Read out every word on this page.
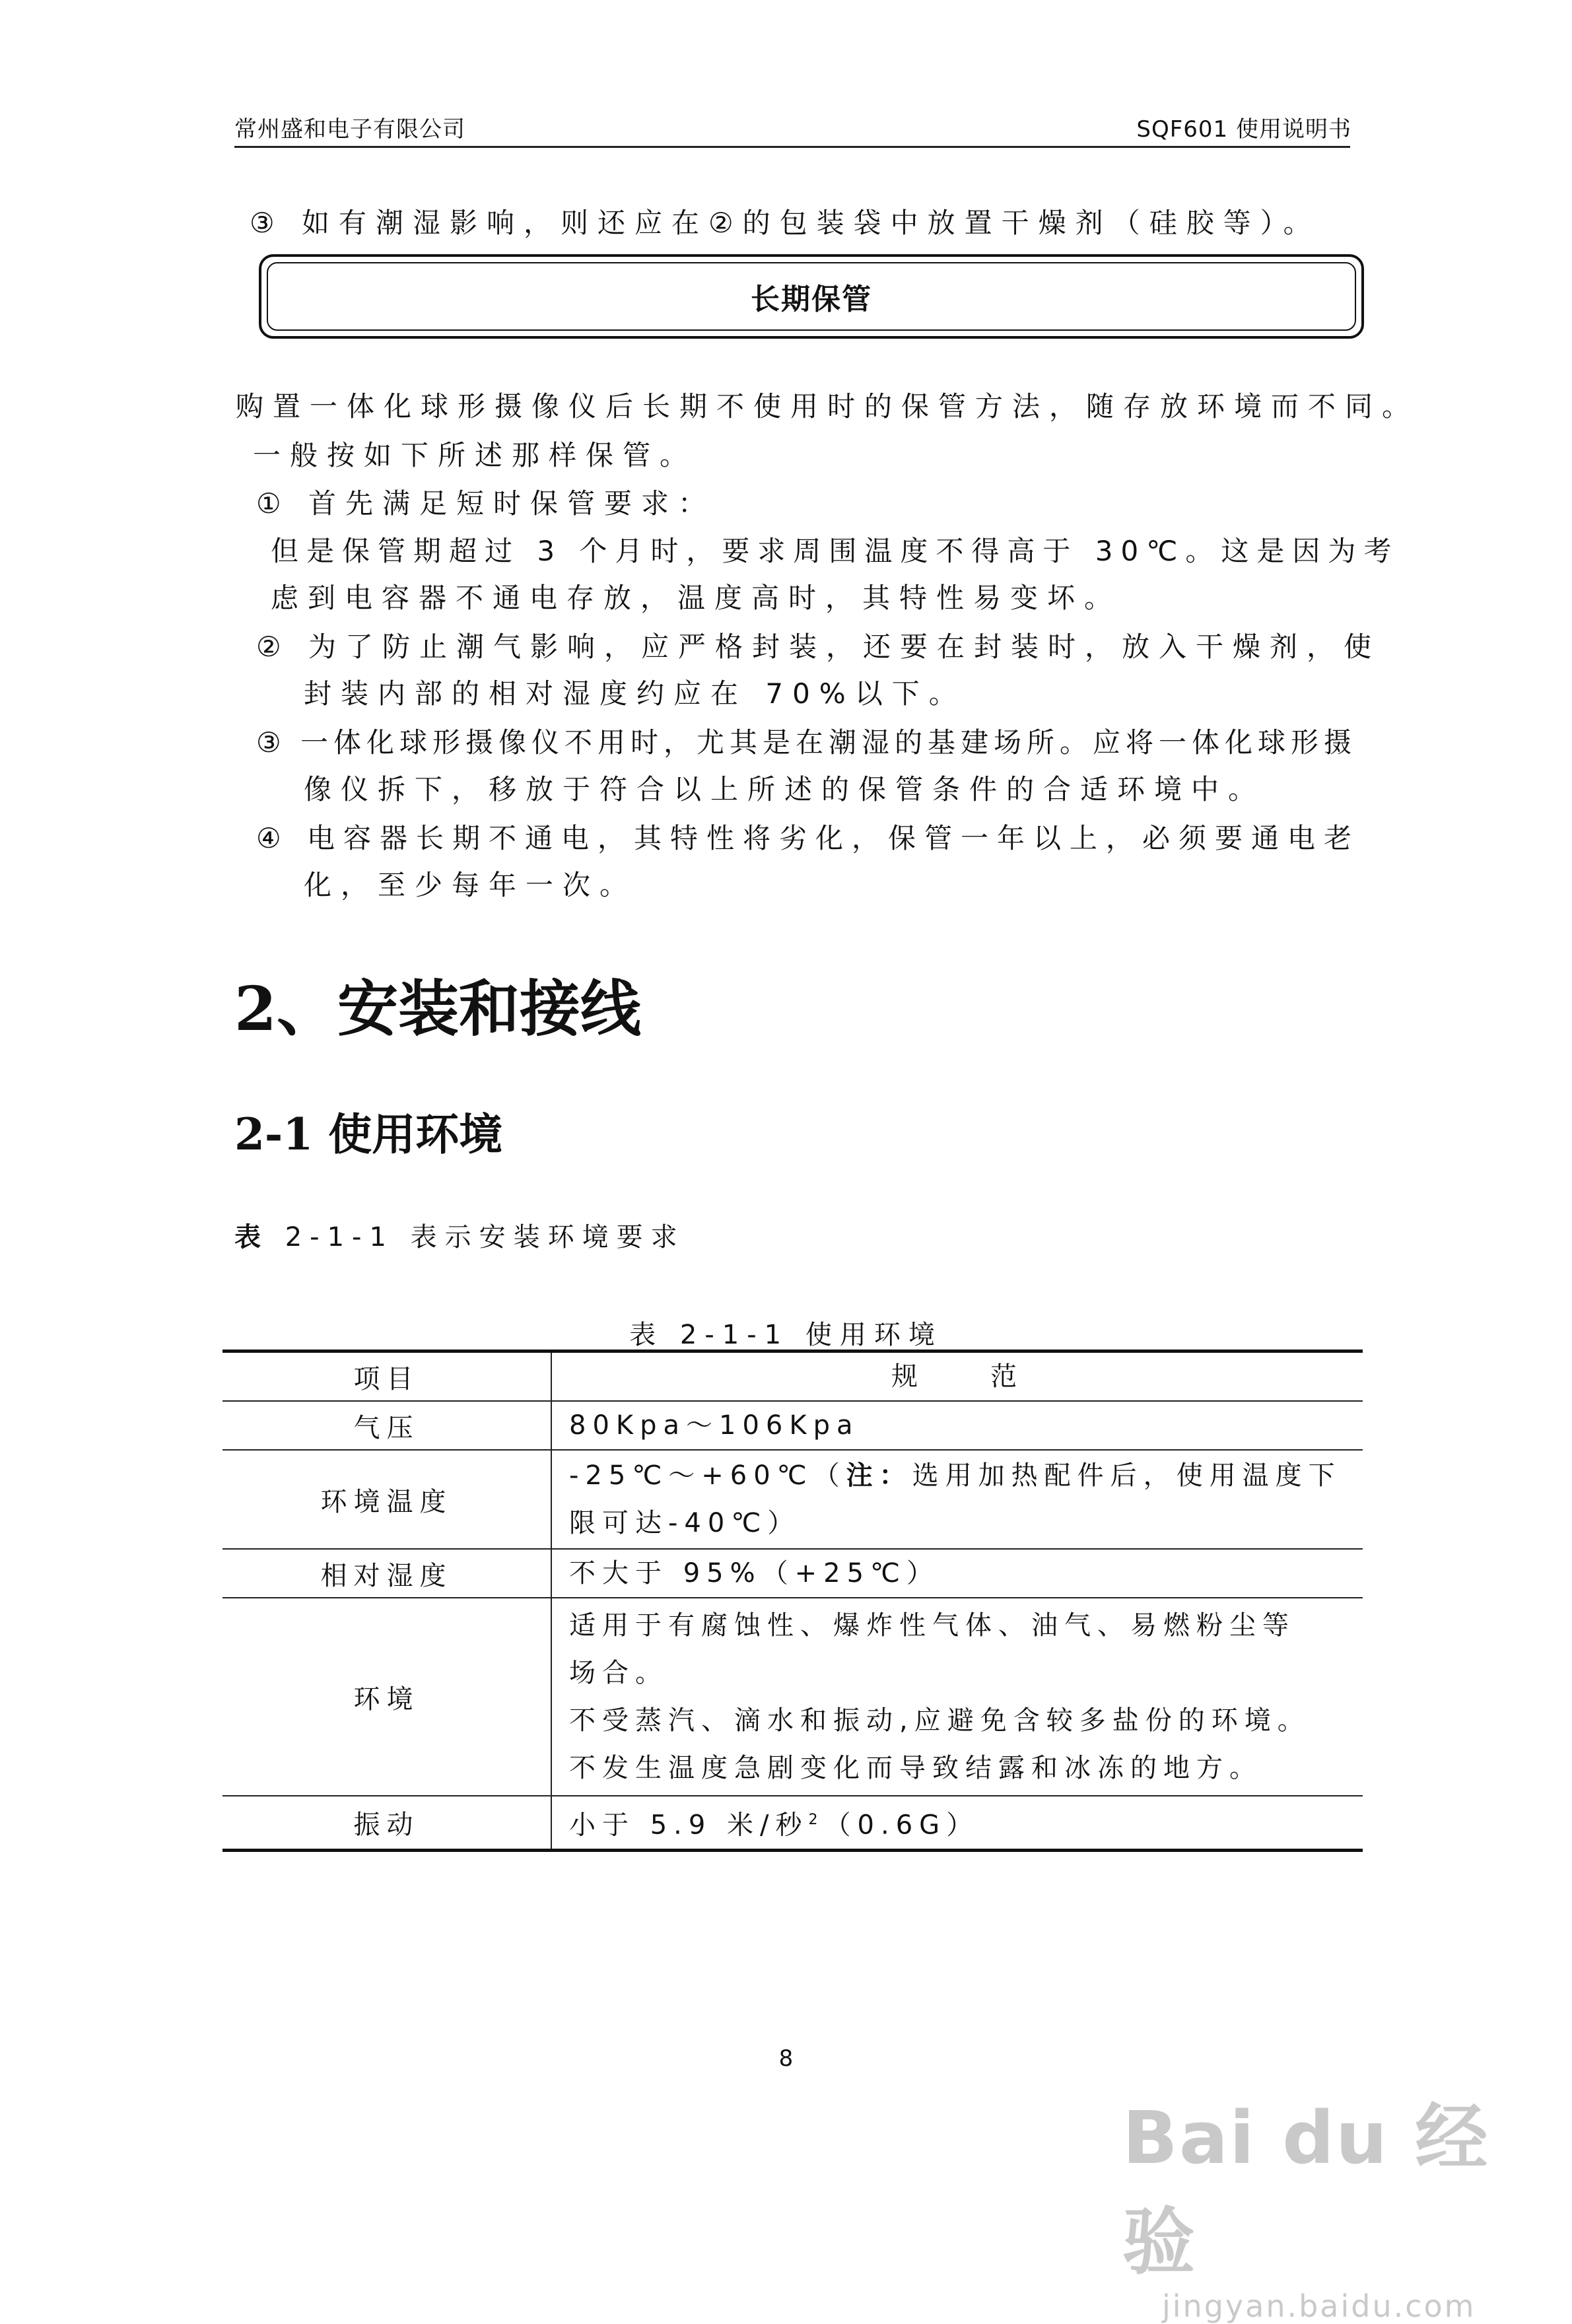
常州盛和电子有限公司	SQF601 使用说明书
③ 如有潮湿影响，则还应在②的包装袋中放置干燥剂（硅胶等）。
长期保管
购置一体化球形摄像仪后长期不使用时的保管方法，随存放环境而不同。
一般按如下所述那样保管。
① 首先满足短时保管要求：
但是保管期超过 3 个月时，要求周围温度不得高于 30℃。这是因为考
虑到电容器不通电存放，温度高时，其特性易变坏。
② 为了防止潮气影响，应严格封装，还要在封装时，放入干燥剂，使
封装内部的相对湿度约应在 70%以下。
③ 一体化球形摄像仪不用时，尤其是在潮湿的基建场所。应将一体化球形摄
像仪拆下，移放于符合以上所述的保管条件的合适环境中。
④ 电容器长期不通电，其特性将劣化，保管一年以上，必须要通电老
化，至少每年一次。
2、安装和接线
2-1 使用环境
表 2-1-1 表示安装环境要求
表 2-1-1 使用环境
项目	规　　范
气压	80Kpa～106Kpa
环境温度	-25℃～+60℃（注：选用加热配件后，使用温度下
限可达-40℃）

相对湿度	不大于 95%（+25℃）
环境	适用于有腐蚀性、爆炸性气体、油气、易燃粉尘等
场合。
不受蒸汽、滴水和振动,应避免含较多盐份的环境。
不发生温度急剧变化而导致结露和冰冻的地方。

振动	小于 5.9 米/秒$^2$（0.6G）
8
Bai du 经验
jingyan.baidu.com
